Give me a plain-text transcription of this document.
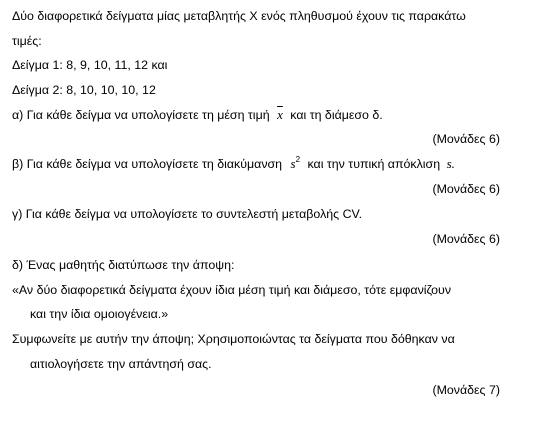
Δύο διαφορετικά δείγματα μίας μεταβλητής Χ ενός πληθυσμού έχουν τις παρακάτω
τιμές:
Δείγμα 1: 8, 9, 10, 11, 12 και
Δείγμα 2: 8, 10, 10, 10, 12
α) Για κάθε δείγμα να υπολογίσετε τη μέση τιμή $\overline{x}$ και τη διάμεσο δ.
(Μονάδες 6)
β) Για κάθε δείγμα να υπολογίσετε τη διακύμανση $s^2$ και την τυπική απόκλιση s.
(Μονάδες 6)
γ) Για κάθε δείγμα να υπολογίσετε το συντελεστή μεταβολής CV.
(Μονάδες 6)
δ) Ένας μαθητής διατύπωσε την άποψη:
«Αν δύο διαφορετικά δείγματα έχουν ίδια μέση τιμή και διάμεσο, τότε εμφανίζουν
και την ίδια ομοιογένεια.»
Συμφωνείτε με αυτήν την άποψη; Χρησιμοποιώντας τα δείγματα που δόθηκαν να
αιτιολογήσετε την απάντησή σας.
(Μονάδες 7)
